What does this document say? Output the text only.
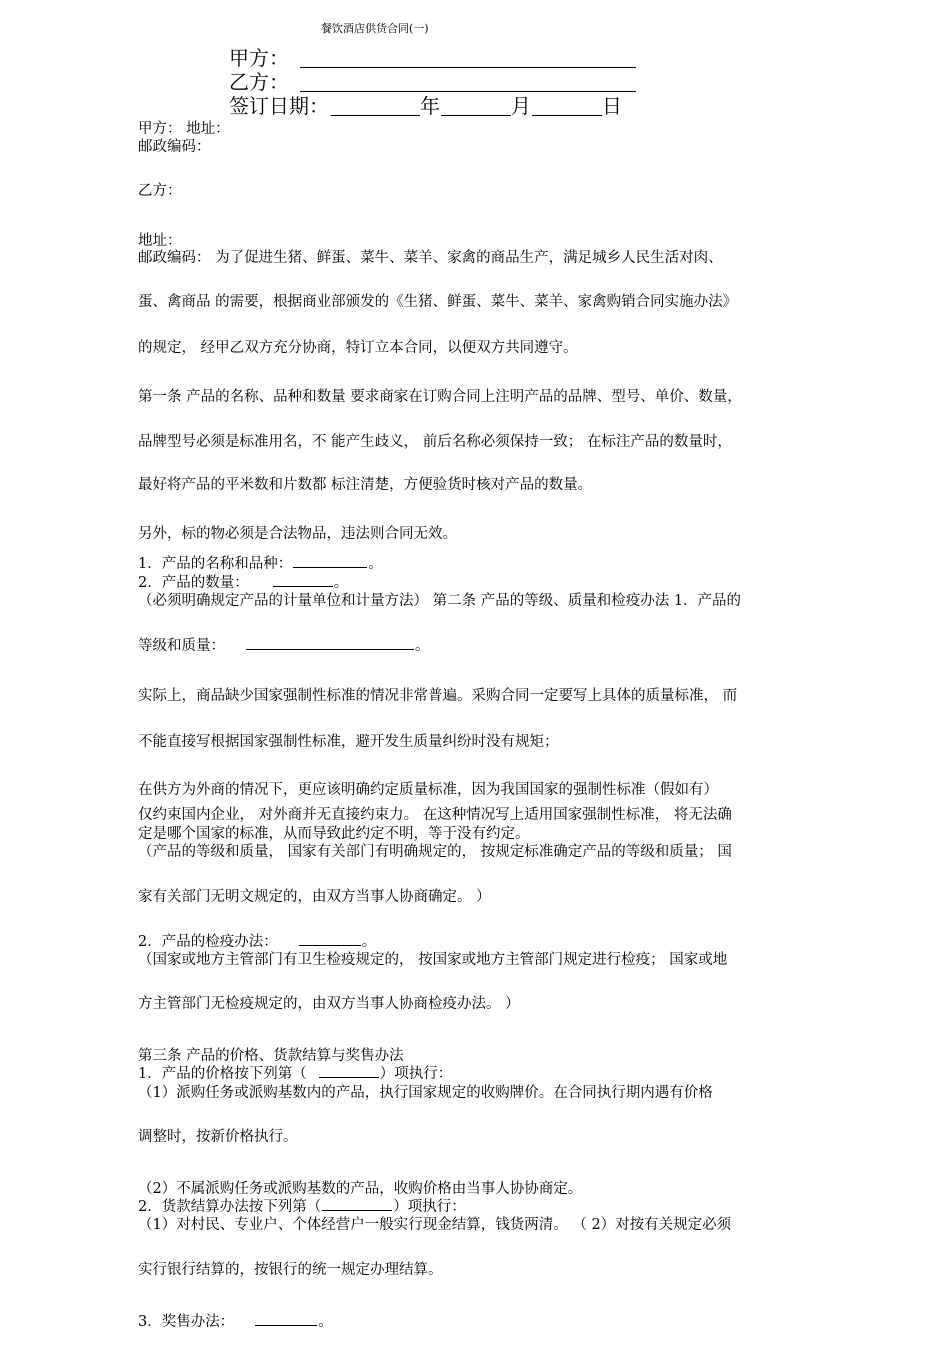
餐饮酒店供货合同(一)
甲方：
乙方：
签订日期：	年	月	日
甲方： 地址：
邮政编码：
乙方：
地址：
邮政编码： 为了促进生猪、鲜蛋、菜牛、菜羊、家禽的商品生产，满足城乡人民生活对肉、
蛋、禽商品 的需要，根据商业部颁发的《生猪、鲜蛋、菜牛、菜羊、家禽购销合同实施办法》
的规定， 经甲乙双方充分协商，特订立本合同，以便双方共同遵守。
第一条 产品的名称、品种和数量 要求商家在订购合同上注明产品的品牌、型号、单价、数量，
品牌型号必须是标准用名，不 能产生歧义， 前后名称必须保持一致； 在标注产品的数量时，
最好将产品的平米数和片数都 标注清楚，方便验货时核对产品的数量。
另外，标的物必须是合法物品，违法则合同无效。
1．产品的名称和品种：	。
2．产品的数量：	。
（必须明确规定产品的计量单位和计量方法） 第二条 产品的等级、质量和检疫办法 1．产品的
等级和质量：	。
实际上，商品缺少国家强制性标准的情况非常普遍。采购合同一定要写上具体的质量标准， 而
不能直接写根据国家强制性标准，避开发生质量纠纷时没有规矩；
在供方为外商的情况下，更应该明确约定质量标准，因为我国国家的强制性标准（假如有）
仅约束国内企业， 对外商并无直接约束力。 在这种情况写上适用国家强制性标准， 将无法确
定是哪个国家的标准，从而导致此约定不明，等于没有约定。
（产品的等级和质量， 国家有关部门有明确规定的， 按规定标准确定产品的等级和质量； 国
家有关部门无明文规定的，由双方当事人协商确定。 ）
2．产品的检疫办法：	。
（国家或地方主管部门有卫生检疫规定的， 按国家或地方主管部门规定进行检疫； 国家或地
方主管部门无检疫规定的，由双方当事人协商检疫办法。 ）
第三条 产品的价格、货款结算与奖售办法
1．产品的价格按下列第（	）项执行：
（1）派购任务或派购基数内的产品，执行国家规定的收购牌价。在合同执行期内遇有价格
调整时，按新价格执行。
（2）不属派购任务或派购基数的产品，收购价格由当事人协协商定。
2．货款结算办法按下列第（	）项执行：
（1）对村民、专业户、个体经营户一般实行现金结算，钱货两清。 （ 2）对按有关规定必须
实行银行结算的，按银行的统一规定办理结算。
3．奖售办法：	。
